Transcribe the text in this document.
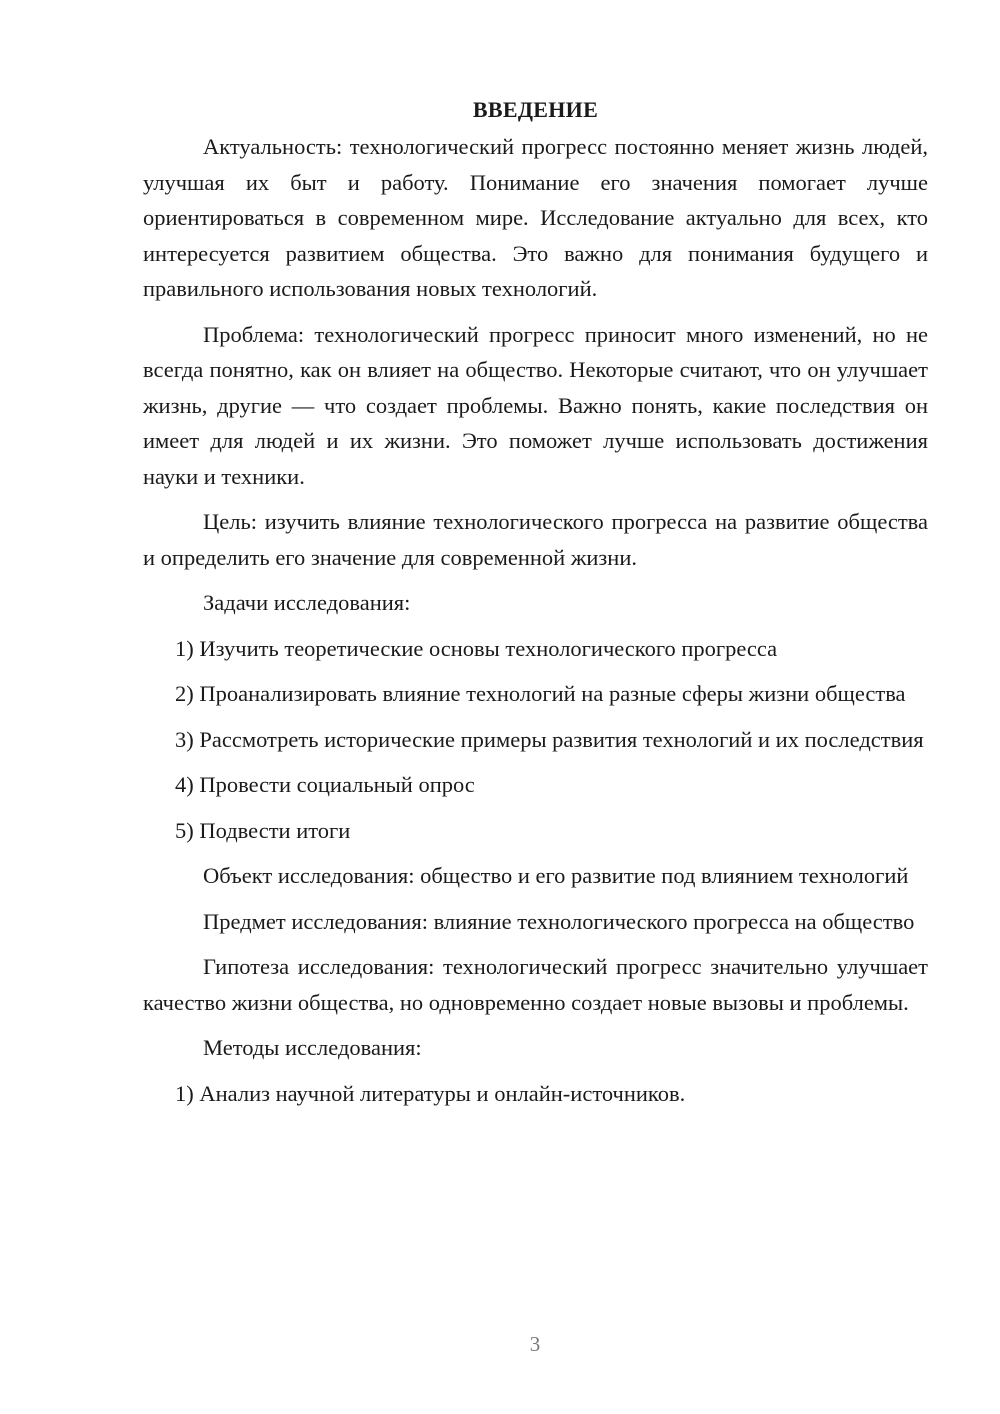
ВВЕДЕНИЕ

Актуальность: технологический прогресс постоянно меняет жизнь людей, улучшая их быт и работу. Понимание его значения помогает лучше ориентироваться в современном мире. Исследование актуально для всех, кто интересуется развитием общества. Это важно для понимания будущего и правильного использования новых технологий.

Проблема: технологический прогресс приносит много изменений, но не всегда понятно, как он влияет на общество. Некоторые считают, что он улучшает жизнь, другие — что создает проблемы. Важно понять, какие последствия он имеет для людей и их жизни. Это поможет лучше использовать достижения науки и техники.

Цель: изучить влияние технологического прогресса на развитие общества и определить его значение для современной жизни.

Задачи исследования:

1) Изучить теоретические основы технологического прогресса

2) Проанализировать влияние технологий на разные сферы жизни общества

3) Рассмотреть исторические примеры развития технологий и их последствия

4) Провести социальный опрос

5) Подвести итоги

Объект исследования: общество и его развитие под влиянием технологий

Предмет исследования: влияние технологического прогресса на общество

Гипотеза исследования: технологический прогресс значительно улучшает качество жизни общества, но одновременно создает новые вызовы и проблемы.

Методы исследования:

1) Анализ научной литературы и онлайн-источников.

3
